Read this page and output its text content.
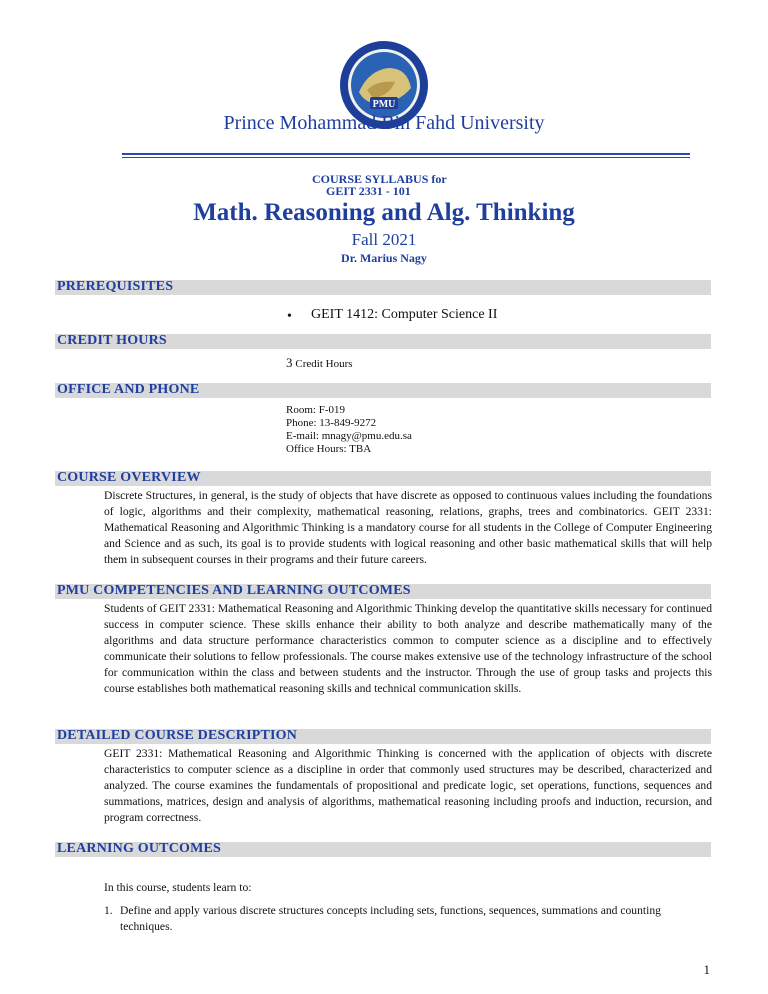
PMU
Prince Mohammad Bin Fahd University
COURSE SYLLABUS for
GEIT 2331 - 101
Math. Reasoning and Alg. Thinking
Fall 2021
Dr. Marius Nagy
PREREQUISITES
• GEIT 1412: Computer Science II
CREDIT HOURS
3 Credit Hours
OFFICE AND PHONE
Room: F-019
Phone: 13-849-9272
E-mail: mnagy@pmu.edu.sa
Office Hours: TBA
COURSE OVERVIEW
Discrete Structures, in general, is the study of objects that have discrete as opposed to continuous values including the foundations of logic, algorithms and their complexity, mathematical reasoning, relations, graphs, trees and combinatorics. GEIT 2331: Mathematical Reasoning and Algorithmic Thinking is a mandatory course for all students in the College of Computer Engineering and Science and as such, its goal is to provide students with logical reasoning and other basic mathematical skills that will help them in subsequent courses in their programs and their future careers.
PMU COMPETENCIES AND LEARNING OUTCOMES
Students of GEIT 2331: Mathematical Reasoning and Algorithmic Thinking develop the quantitative skills necessary for continued success in computer science. These skills enhance their ability to both analyze and describe mathematically many of the algorithms and data structure performance characteristics common to computer science as a discipline and to effectively communicate their solutions to fellow professionals. The course makes extensive use of the technology infrastructure of the school for communication within the class and between students and the instructor. Through the use of group tasks and projects this course establishes both mathematical reasoning skills and technical communication skills.
DETAILED COURSE DESCRIPTION
GEIT 2331: Mathematical Reasoning and Algorithmic Thinking is concerned with the application of objects with discrete characteristics to computer science as a discipline in order that commonly used structures may be described, characterized and analyzed. The course examines the fundamentals of propositional and predicate logic, set operations, functions, sequences and summations, matrices, design and analysis of algorithms, mathematical reasoning including proofs and induction, recursion, and program correctness.
LEARNING OUTCOMES
In this course, students learn to:
1. Define and apply various discrete structures concepts including sets, functions, sequences, summations and counting techniques.
1
